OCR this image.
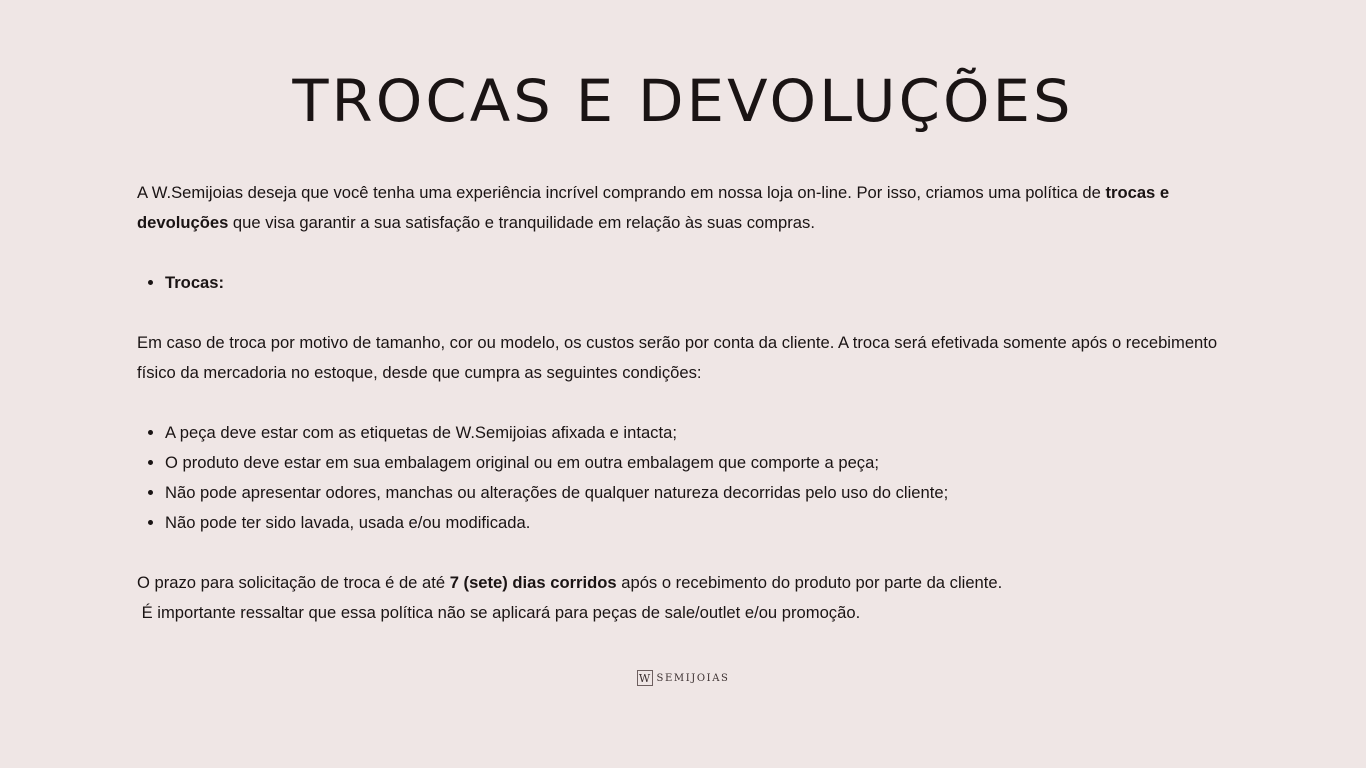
TROCAS E DEVOLUÇÕES

A W.Semijoias deseja que você tenha uma experiência incrível comprando em nossa loja on-line. Por isso, criamos uma política de trocas e devoluções que visa garantir a sua satisfação e tranquilidade em relação às suas compras.

• Trocas:

Em caso de troca por motivo de tamanho, cor ou modelo, os custos serão por conta da cliente. A troca será efetivada somente após o recebimento físico da mercadoria no estoque, desde que cumpra as seguintes condições:

• A peça deve estar com as etiquetas de W.Semijoias afixada e intacta;
• O produto deve estar em sua embalagem original ou em outra embalagem que comporte a peça;
• Não pode apresentar odores, manchas ou alterações de qualquer natureza decorridas pelo uso do cliente;
• Não pode ter sido lavada, usada e/ou modificada.

O prazo para solicitação de troca é de até 7 (sete) dias corridos após o recebimento do produto por parte da cliente.

É importante ressaltar que essa política não se aplicará para peças de sale/outlet e/ou promoção.

W SEMIJOIAS
